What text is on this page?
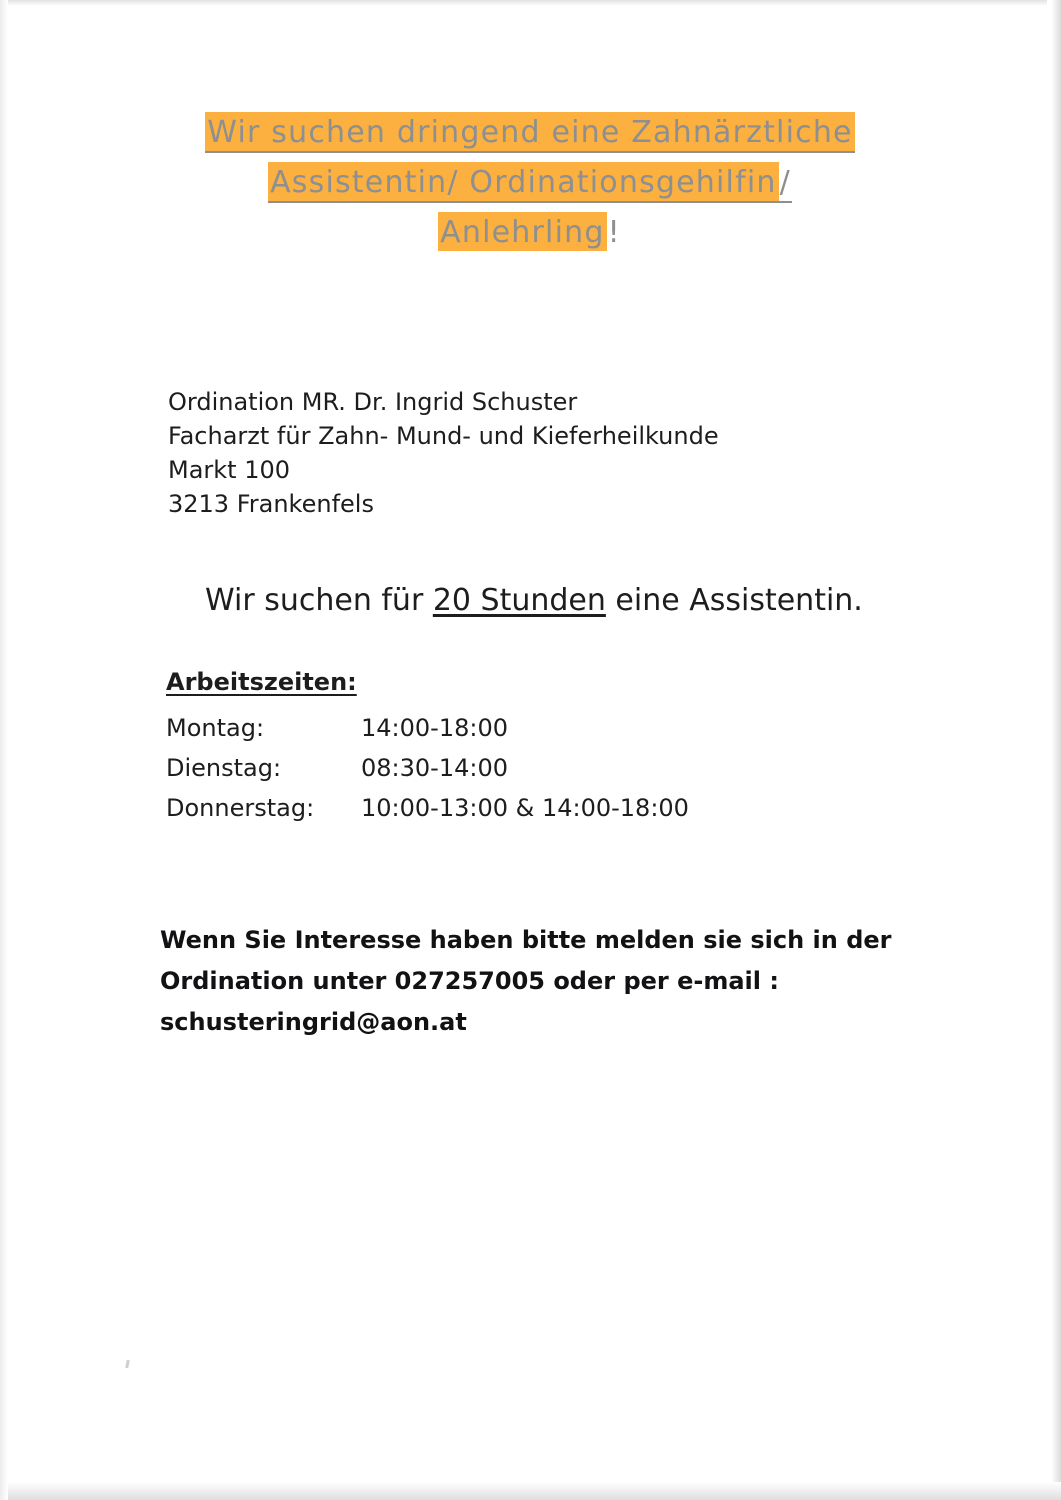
Wir suchen dringend eine Zahnärztliche
Assistentin/ Ordinationsgehilfin /
Anlehrling !
Ordination MR. Dr. Ingrid Schuster
Facharzt für Zahn- Mund- und Kieferheilkunde
Markt 100
3213 Frankenfels
Wir suchen für 20 Stunden eine Assistentin.
Arbeitszeiten:
Montag:	14:00-18:00
Dienstag:	08:30-14:00
Donnerstag:	10:00-13:00 & 14:00-18:00
Wenn Sie Interesse haben bitte melden sie sich in der
Ordination unter 027257005 oder per e-mail :
schusteringrid@aon.at
